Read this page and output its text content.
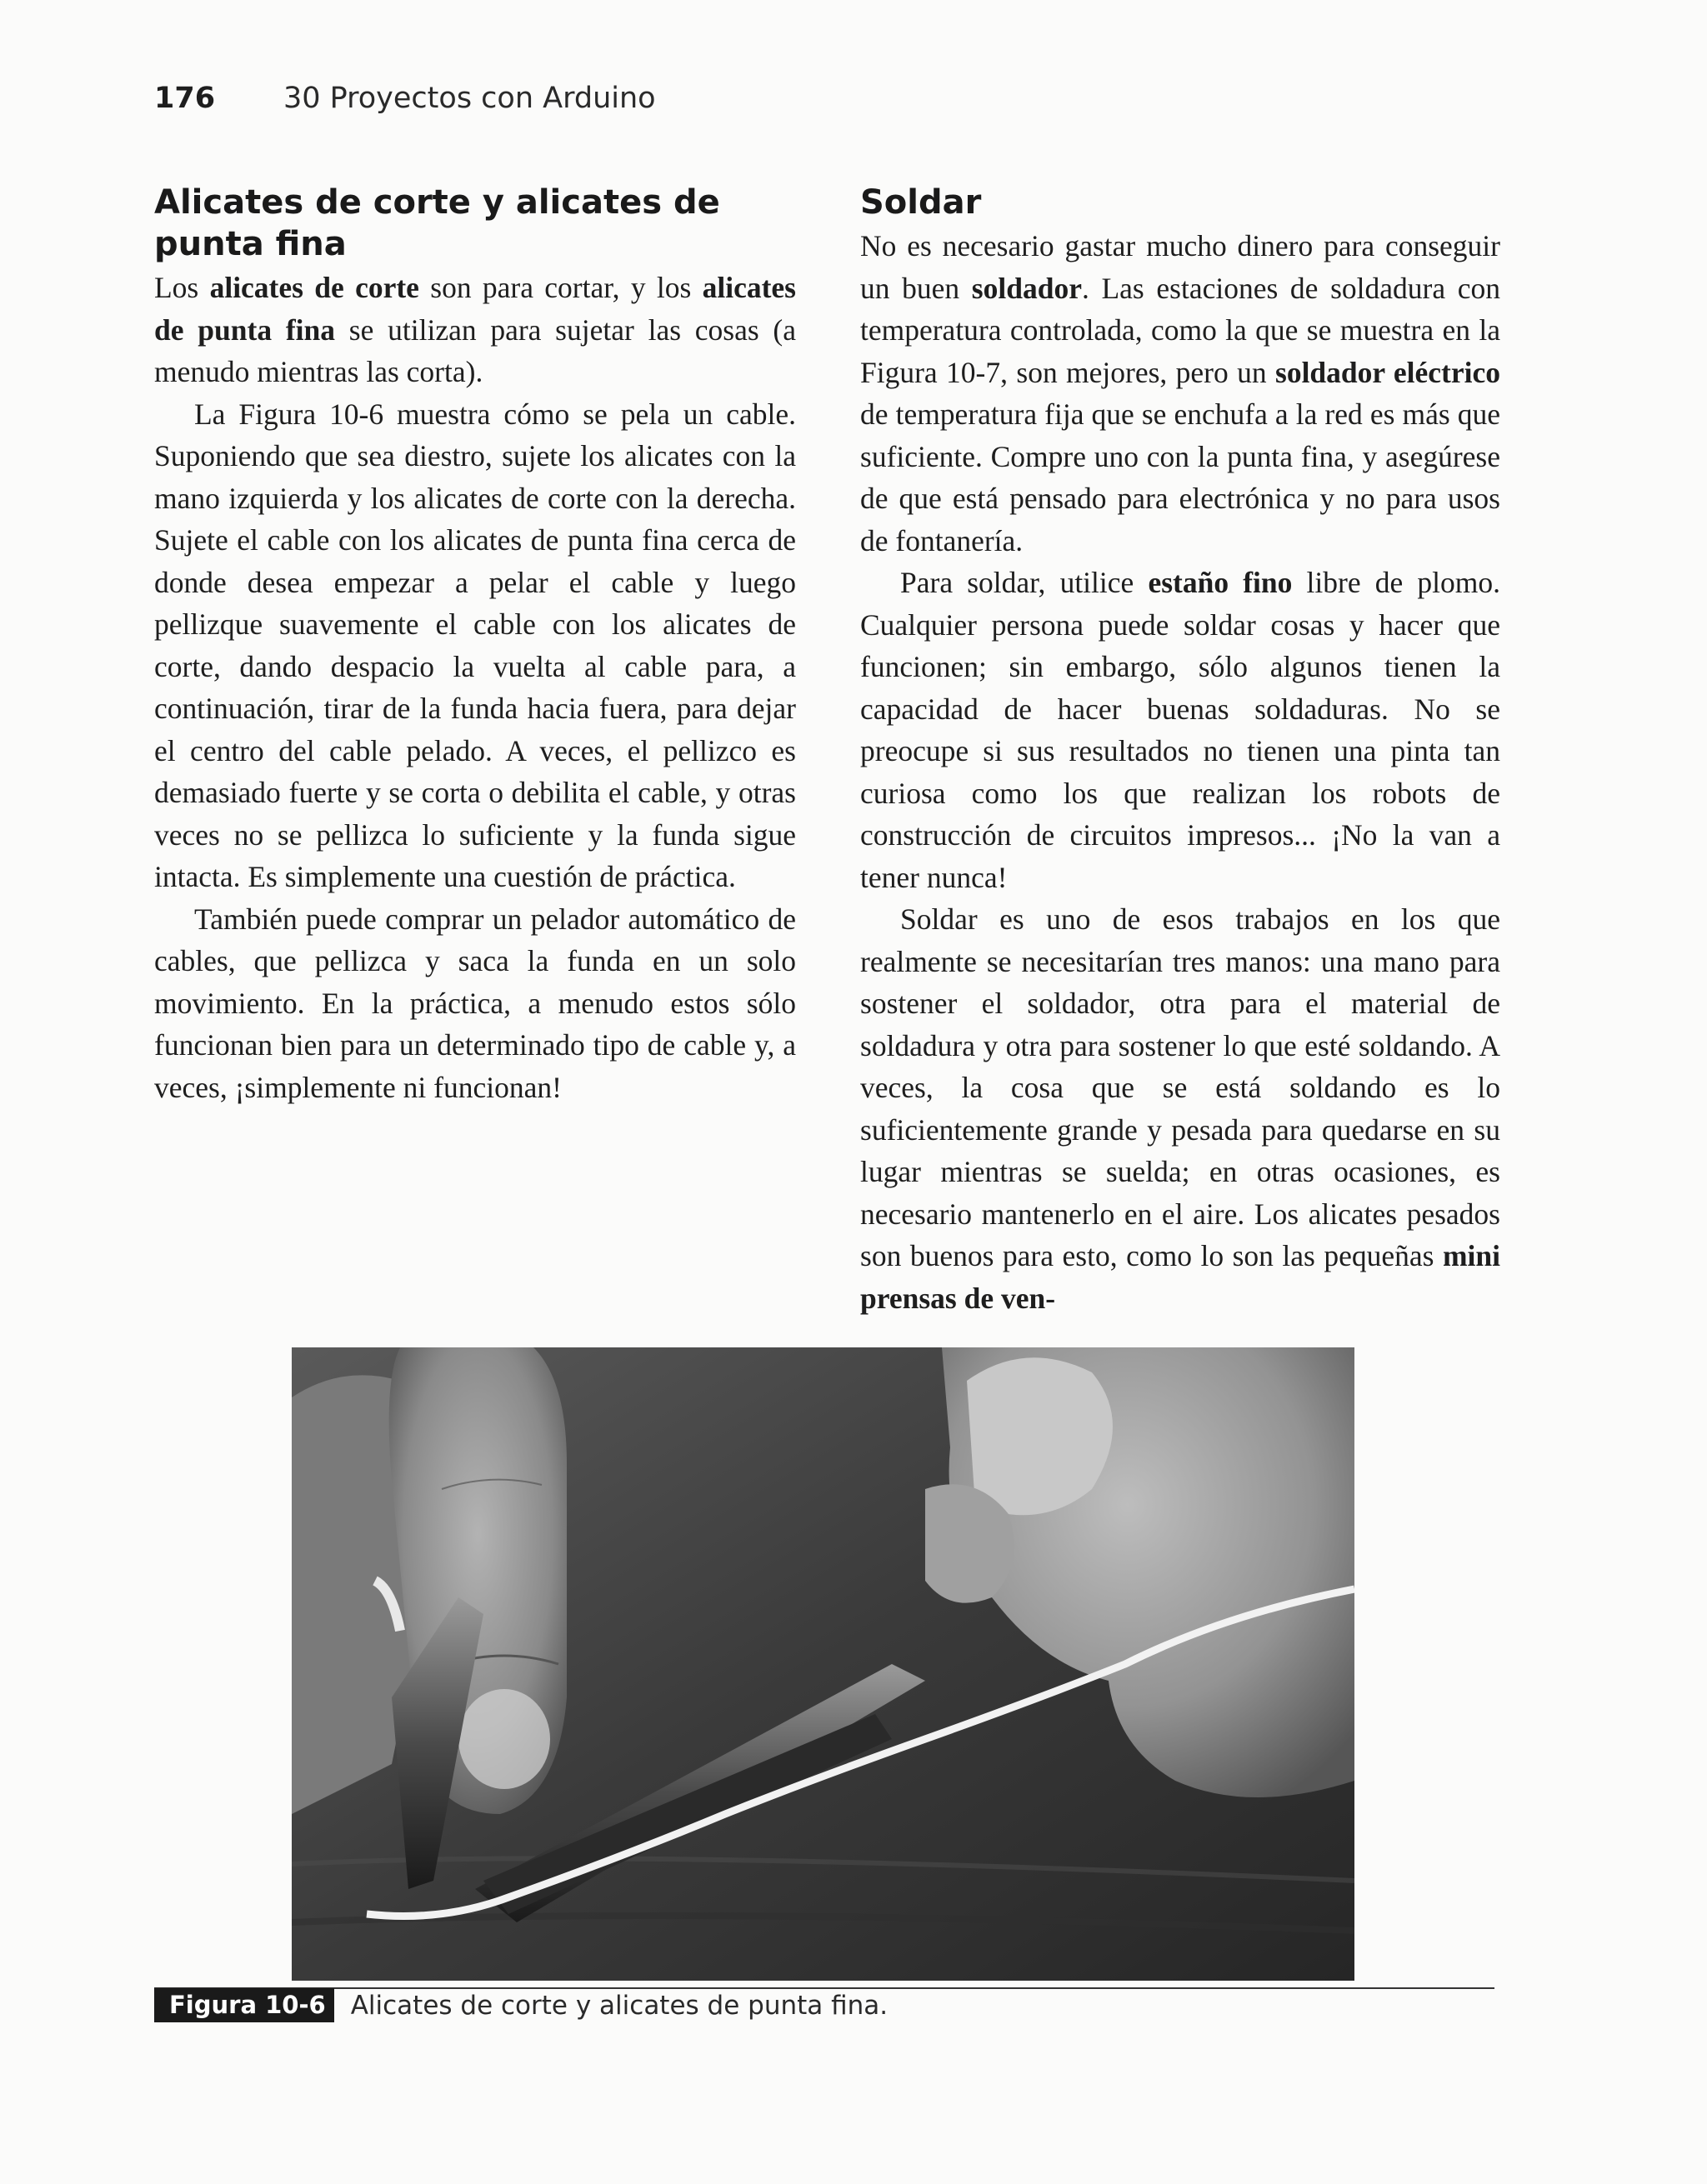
176 30 Proyectos con Arduino
Alicates de corte y alicates de punta fina

Los alicates de corte son para cortar, y los alicates de punta fina se utilizan para sujetar las cosas (a menudo mientras las corta).

La Figura 10-6 muestra cómo se pela un cable. Suponiendo que sea diestro, sujete los alicates con la mano izquierda y los alicates de corte con la derecha. Sujete el cable con los alicates de punta fina cerca de donde desea empezar a pelar el cable y luego pellizque suavemente el cable con los alicates de corte, dando despacio la vuelta al cable para, a continuación, tirar de la funda hacia fuera, para dejar el centro del cable pelado. A veces, el pellizco es demasiado fuerte y se corta o debilita el cable, y otras veces no se pellizca lo suficiente y la funda sigue intacta. Es simplemente una cuestión de práctica.

También puede comprar un pelador automático de cables, que pellizca y saca la funda en un solo movimiento. En la práctica, a menudo estos sólo funcionan bien para un determinado tipo de cable y, a veces, ¡simplemente ni funcionan!

Soldar

No es necesario gastar mucho dinero para conseguir un buen soldador. Las estaciones de soldadura con temperatura controlada, como la que se muestra en la Figura 10-7, son mejores, pero un soldador eléctrico de temperatura fija que se enchufa a la red es más que suficiente. Compre uno con la punta fina, y asegúrese de que está pensado para electrónica y no para usos de fontanería.

Para soldar, utilice estaño fino libre de plomo. Cualquier persona puede soldar cosas y hacer que funcionen; sin embargo, sólo algunos tienen la capacidad de hacer buenas soldaduras. No se preocupe si sus resultados no tienen una pinta tan curiosa como los que realizan los robots de construcción de circuitos impresos... ¡No la van a tener nunca!

Soldar es uno de esos trabajos en los que realmente se necesitarían tres manos: una mano para sostener el soldador, otra para el material de soldadura y otra para sostener lo que esté soldando. A veces, la cosa que se está soldando es lo suficientemente grande y pesada para quedarse en su lugar mientras se suelda; en otras ocasiones, es necesario mantenerlo en el aire. Los alicates pesados son buenos para esto, como lo son las pequeñas mini prensas de ven-

Figura 10-6 Alicates de corte y alicates de punta fina.
